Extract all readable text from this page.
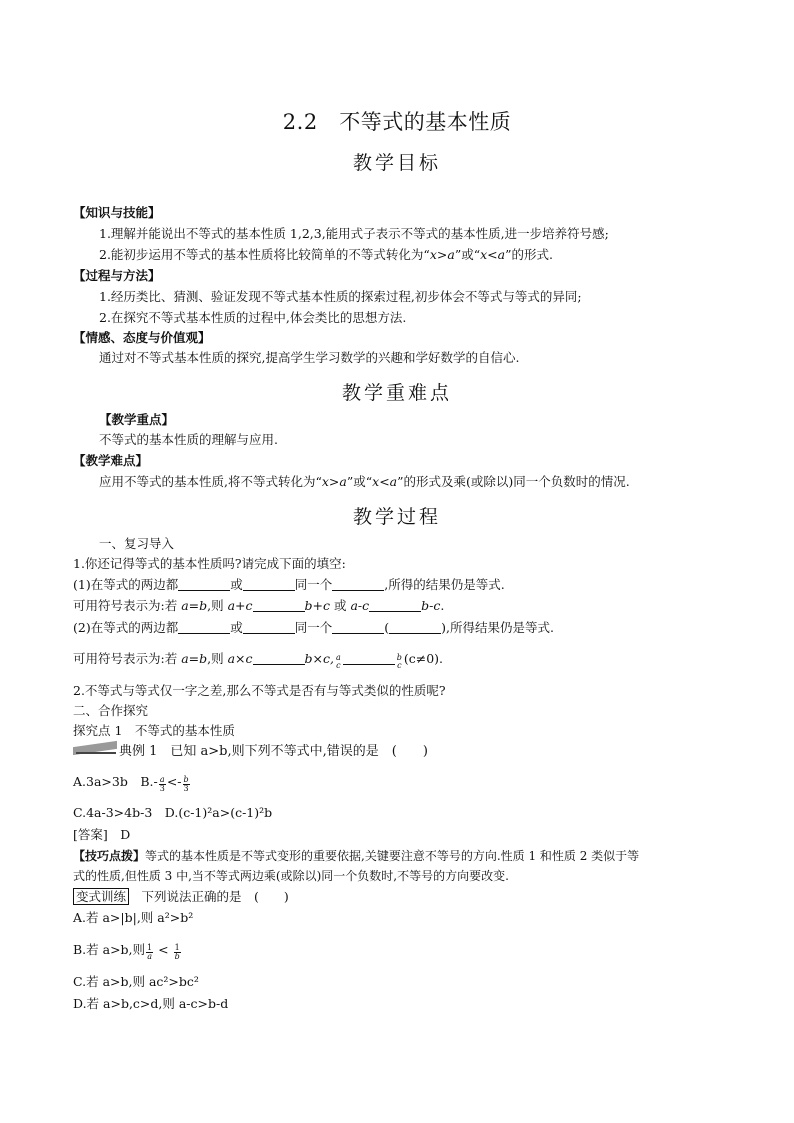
2.2　不等式的基本性质
教学目标
【知识与技能】
1.理解并能说出不等式的基本性质 1,2,3,能用式子表示不等式的基本性质,进一步培养符号感;
2.能初步运用不等式的基本性质将比较简单的不等式转化为“x>a”或“x<a”的形式.
【过程与方法】
1.经历类比、猜测、验证发现不等式基本性质的探索过程,初步体会不等式与等式的异同;
2.在探究不等式基本性质的过程中,体会类比的思想方法.
【情感、态度与价值观】
通过对不等式基本性质的探究,提高学生学习数学的兴趣和学好数学的自信心.
教学重难点
【教学重点】
不等式的基本性质的理解与应用.
【教学难点】
应用不等式的基本性质,将不等式转化为“x>a”或“x<a”的形式及乘(或除以)同一个负数时的情况.
教学过程
一、复习导入
1.你还记得等式的基本性质吗?请完成下面的填空:
(1)在等式的两边都	或	同一个	,所得的结果仍是等式.
可用符号表示为:若 a=b,则 a+c	b+c 或 a-c	b-c.
(2)在等式的两边都	或	同一个	(	),所得结果仍是等式.
可用符号表示为:若 a=b,则 a×c	b×c, a
c
b
c (c≠0).
2.不等式与等式仅一字之差,那么不等式是否有与等式类似的性质呢?
二、合作探究
探究点 1　不等式的基本性质
典例 1　已知 a>b,则下列不等式中,错误的是　(　　)
A.3a>3b　$B.- \frac{a}{3} <- \frac{b}{3}$
C.4a-3>4b-3　D.(c-1)²a>(c-1)²b
[答案]　D
【技巧点拨】等式的基本性质是不等式变形的重要依据,关键要注意不等号的方向.性质 1 和性质 2 类似于等
式的性质,但性质 3 中,当不等式两边乘(或除以)同一个负数时,不等号的方向要改变.
变式训练　下列说法正确的是　(　　)
A.若 a>|b|,则 a²>b²
B.若 a>b,则 $\frac{1}{a} < \frac{1}{b}$
C.若 a>b,则 ac²>bc²
D.若 a>b,c>d,则 a-c>b-d
